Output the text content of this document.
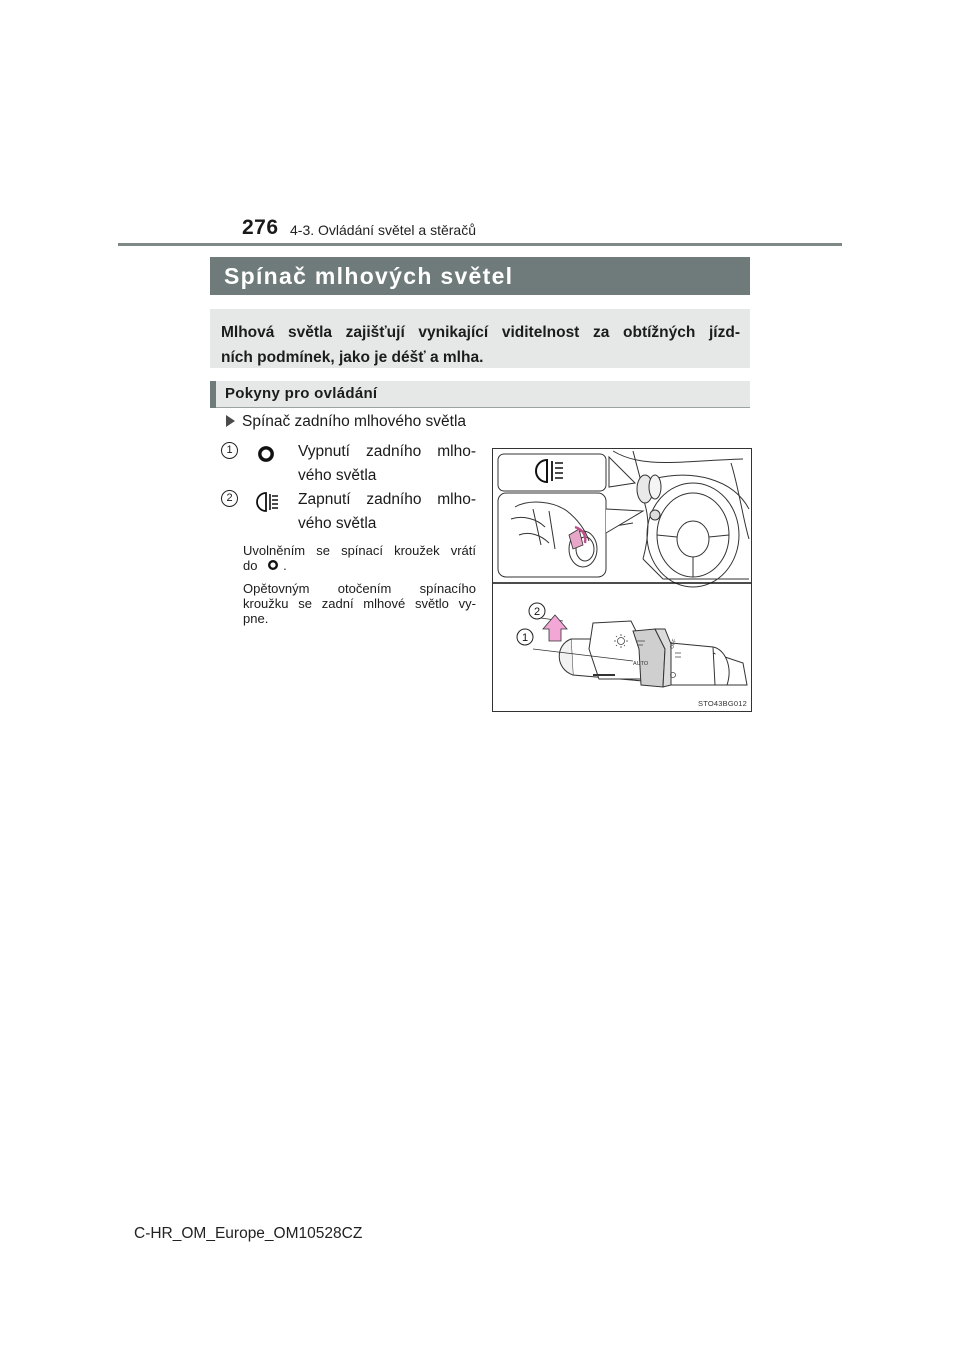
276 4-3. Ovládání světel a stěračů
Spínač mlhových světel
Mlhová světla zajišťují vynikající viditelnost za obtížných jízd-
ních podmínek, jako je déšť a mlha.
Pokyny pro ovládání
Spínač zadního mlhového světla
1	Vypnutí zadního mlho-
vého světla
2	Zapnutí zadního mlho-
vého světla
Uvolněním se spínací kroužek vrátí
do .
Opětovným otočením spínacího
kroužku se zadní mlhové světlo vy-
pne.
AUTO
OFF
2
1
STO43BG012
C-HR_OM_Europe_OM10528CZ
